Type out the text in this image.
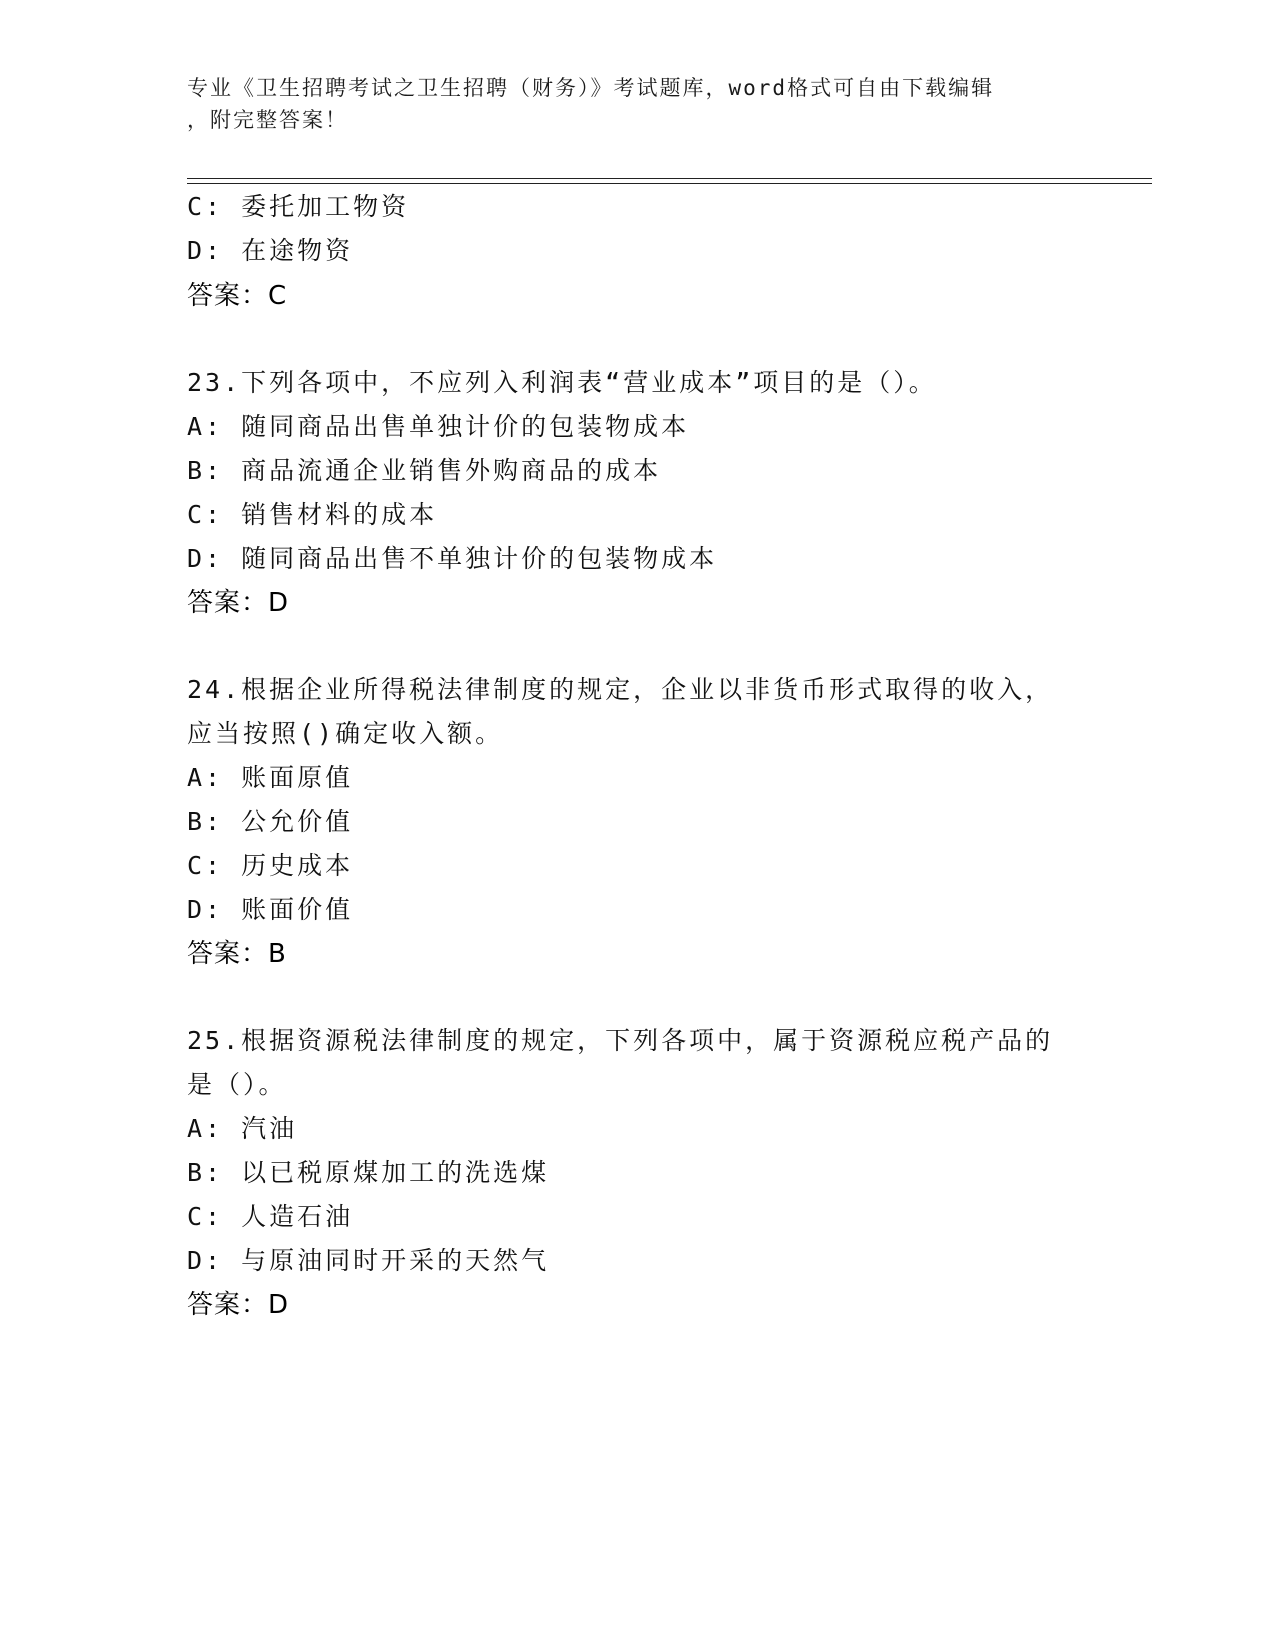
专业《卫生招聘考试之卫生招聘（财务）》考试题库，word格式可自由下载编辑
，附完整答案！
C: 委托加工物资
D: 在途物资
答案：C
23.下列各项中，不应列入利润表“营业成本”项目的是（）。
A: 随同商品出售单独计价的包装物成本
B: 商品流通企业销售外购商品的成本
C: 销售材料的成本
D: 随同商品出售不单独计价的包装物成本
答案：D
24.根据企业所得税法律制度的规定，企业以非货币形式取得的收入，
应当按照()确定收入额。
A: 账面原值
B: 公允价值
C: 历史成本
D: 账面价值
答案：B
25.根据资源税法律制度的规定，下列各项中，属于资源税应税产品的
是（）。
A: 汽油
B: 以已税原煤加工的洗选煤
C: 人造石油
D: 与原油同时开采的天然气
答案：D
